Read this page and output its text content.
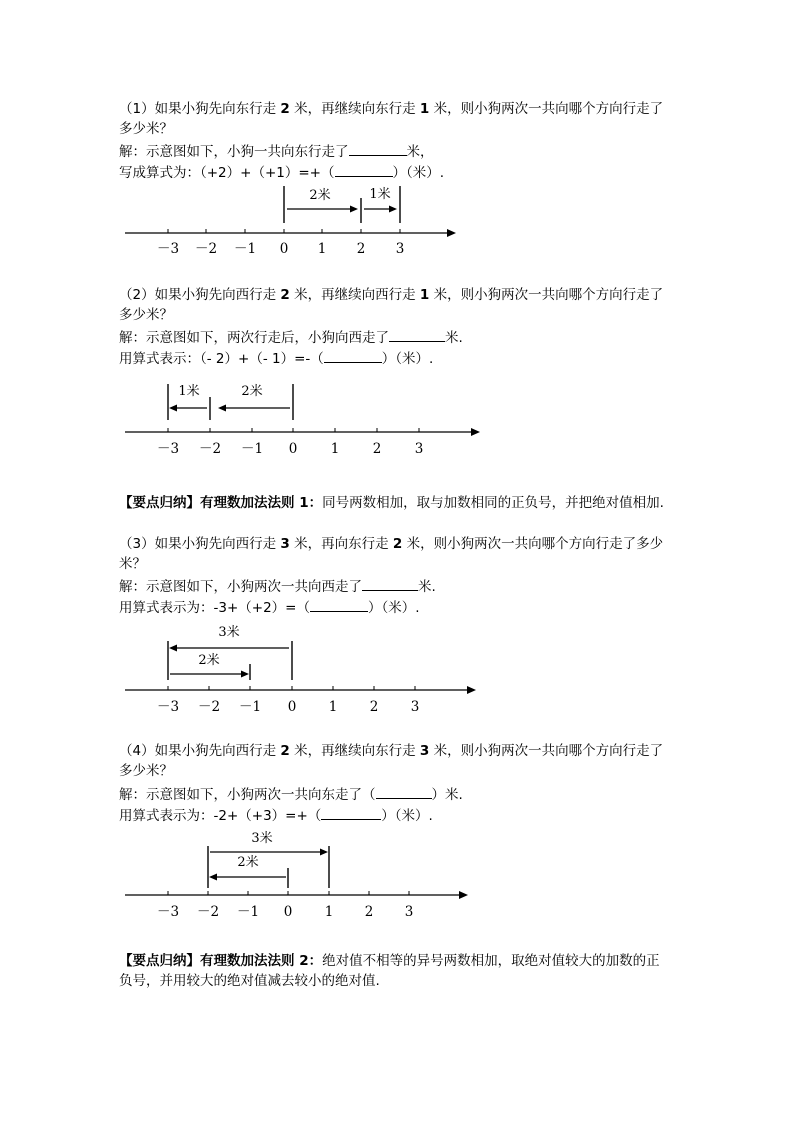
（1）如果小狗先向东行走 2 米，再继续向东行走 1 米，则小狗两次一共向哪个方向行走了
多少米？
解：示意图如下，小狗一共向东行走了	米，
写成算式为：（+2）+（+1）=+（	）（米）.
－3 －2 －1 0 1 2 3
2米	1米
（2）如果小狗先向西行走 2 米，再继续向西行走 1 米，则小狗两次一共向哪个方向行走了
多少米？
解：示意图如下，两次行走后，小狗向西走了	米.
用算式表示：（- 2）+（- 1）=-（	）（米）.
－3 －2 －1 0 1 2 3
2米
1米
【要点归纳】有理数加法法则 1：同号两数相加，取与加数相同的正负号，并把绝对值相加.
（3）如果小狗先向西行走 3 米，再向东行走 2 米，则小狗两次一共向哪个方向行走了多少
米？
解：示意图如下，小狗两次一共向西走了	米.
用算式表示为：-3+（+2）=（	）（米）.
－3 －2 －1 0 1 2 3
3米
2米
（4）如果小狗先向西行走 2 米，再继续向东行走 3 米，则小狗两次一共向哪个方向行走了
多少米？
解：示意图如下，小狗两次一共向东走了（	）米.
用算式表示为：-2+（+3）=+（	）（米）.
－3 －2 －1 0 1 2 3
3米
2米
【要点归纳】有理数加法法则 2：绝对值不相等的异号两数相加，取绝对值较大的加数的正
负号，并用较大的绝对值减去较小的绝对值.
